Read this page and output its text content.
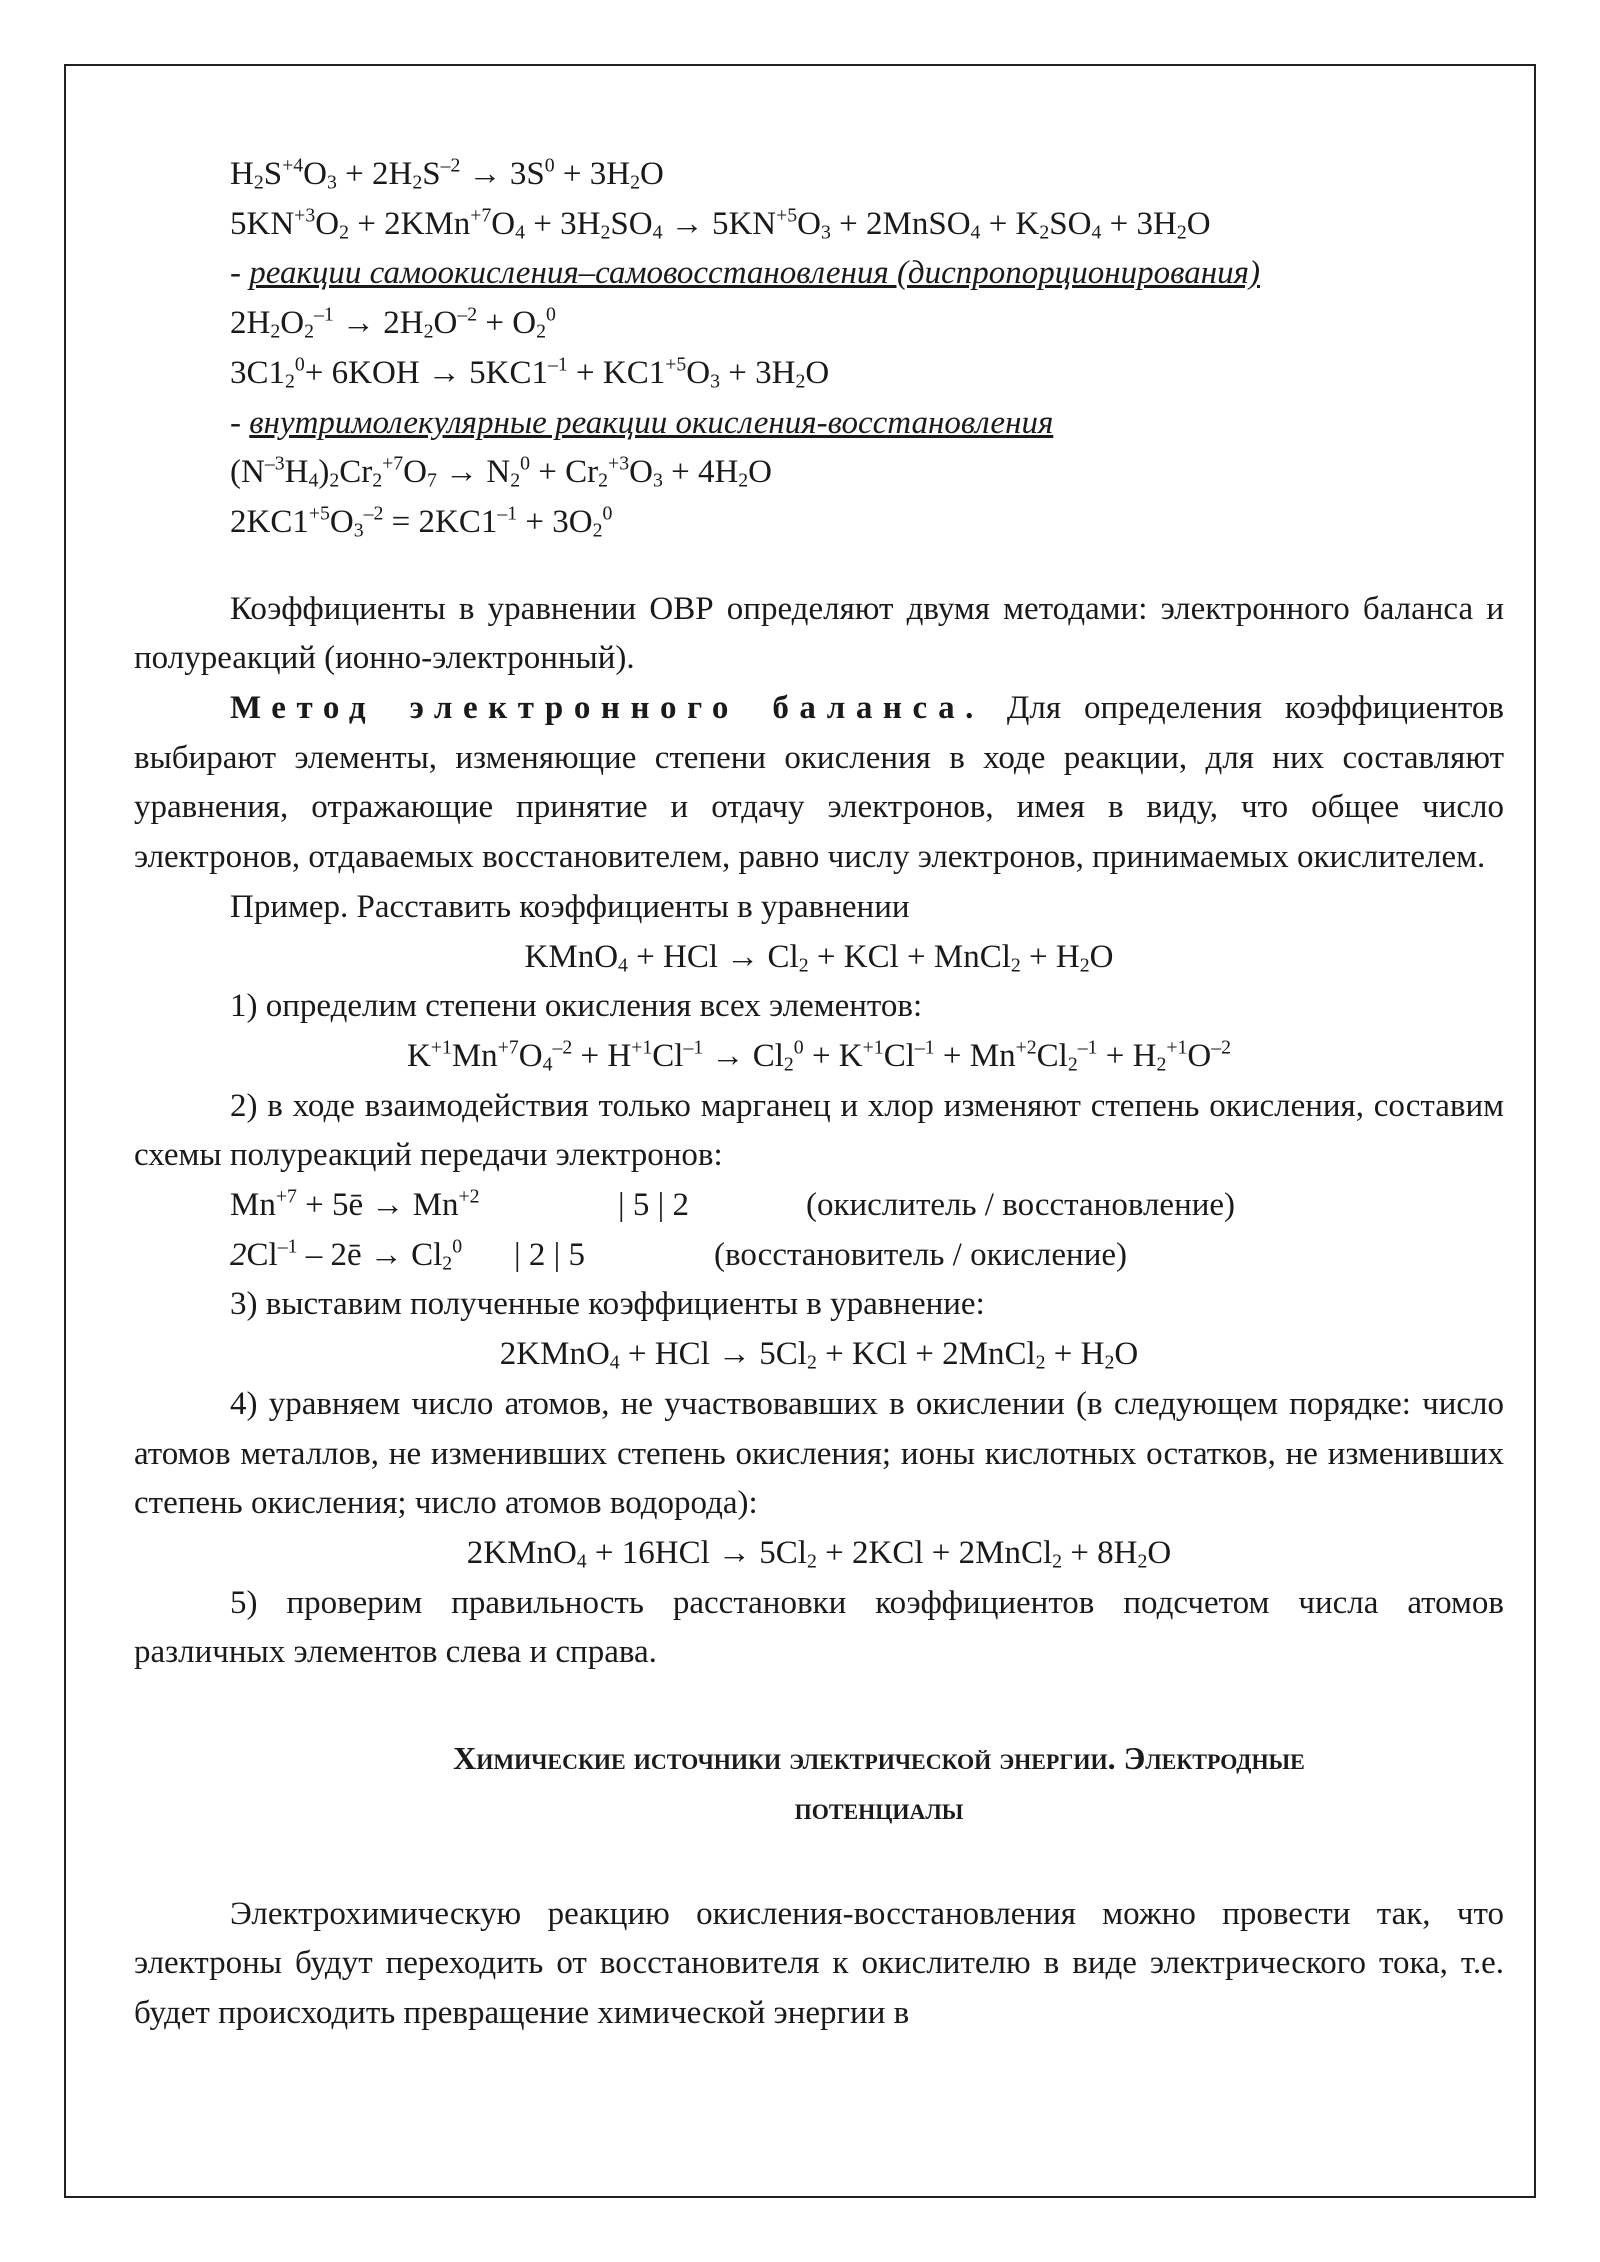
$H_2S^{+4}O_3 + 2H_2S^{-2} \to 3S^0 + 3H_2O$

$5KN^{+3}O_2 + 2KMn^{+7}O_4 + 3H_2SO_4 \to 5KN^{+5}O_3$ + 2MnSO$_4$ + $K_2SO_4 + 3H_2O$

- реакции самоокисления–самовосстановления (диспропорционирования)

$2H_2O_2^{-1} \to 2H_2O^{-2} + O_2^0$

$3C1_2^0+ 6KOH \to 5KC1^{-1} + KC1^{+5}O_3 + 3H_2O$

- внутримолекулярные реакции окисления-восстановления

$(N^{-3}H_4)_2Cr_2^{+7}O_7 \to N_2^0 + Cr_2^{+3}O_3 + 4H_2O$

$2KC1^{+5}O_3^{-2} = 2KC1^{-1} + 3O_2^0$

Коэффициенты в уравнении ОВР определяют двумя методами: электронного баланса и полуреакций (ионно-электронный).

Метод электронного баланса. Для определения коэффициентов выбирают элементы, изменяющие степени окисления в ходе реакции, для них составляют уравнения, отражающие принятие и отдачу электронов, имея в виду, что общее число электронов, отдаваемых восстановителем, равно числу электронов, принимаемых окислителем.

Пример. Расставить коэффициенты в уравнении

KMnO$_4$ + HCl → $Cl_2$ + KCl + MnCl$_2$ + $H_2O$

1) определим степени окисления всех элементов:

$K^{+1}Mn^{+7}O_4^{-2} + H^{+1}Cl^{-1} \to Cl_2^0 + K^{+1}Cl^{-1} + Mn^{+2}Cl_2^{-1} + H_2^{+1}O^{-2}$

2) в ходе взаимодействия только марганец и хлор изменяют степень окисления, составим схемы полуреакций передачи электронов:

$Mn^{+7}$ + 5ē → $Mn^{+2}$	| 5 | 2	(окислитель / восстановление)

$2Cl^{-1}$ – 2ē → $Cl_2^0$ | 2 | 5	(восстановитель / окисление)

3) выставим полученные коэффициенты в уравнение:

2KMnO$_4$ + HCl → $5Cl_2$ + KCl + 2MnCl$_2$ + $H_2O$

4) уравняем число атомов, не участвовавших в окислении (в следующем порядке: число атомов металлов, не изменивших степень окисления; ионы кислотных остатков, не изменивших степень окисления; число атомов водорода):

2KMnO$_4$ + $16HCl \to 5Cl_2 + 2KCl$ + 2MnCl$_2$ + $8H_2O$

5) проверим правильность расстановки коэффициентов подсчетом числа атомов различных элементов слева и справа.

Химические источники электрической энергии. Электродные
потенциалы

Электрохимическую реакцию окисления-восстановления можно провести так, что электроны будут переходить от восстановителя к окислителю в виде электрического тока, т.е. будет происходить превращение химической энергии в
